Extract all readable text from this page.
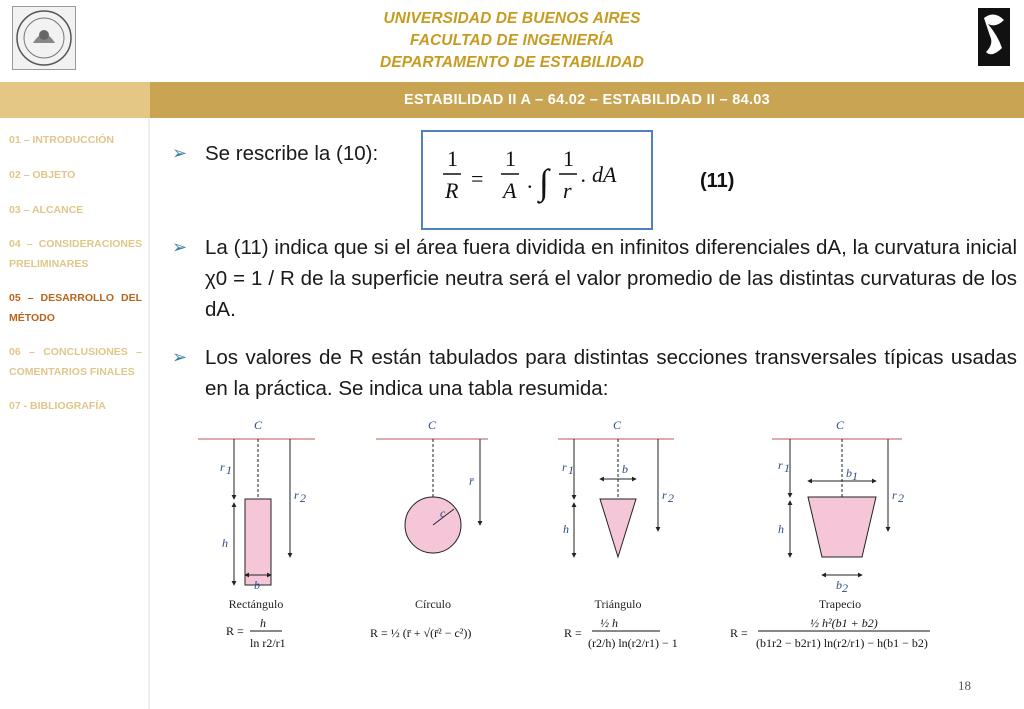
UNIVERSIDAD DE BUENOS AIRES
FACULTAD DE INGENIERÍA
DEPARTAMENTO DE ESTABILIDAD
ESTABILIDAD II A – 64.02 – ESTABILIDAD II – 84.03
01 – INTRODUCCIÓN
02 – OBJETO
03 – ALCANCE
04 – CONSIDERACIONES PRELIMINARES
05 – DESARROLLO DEL MÉTODO
06 – CONCLUSIONES – COMENTARIOS FINALES
07 - BIBLIOGRAFÍA
➢ Se rescribe la (10):	1
R =
1
A . ∫
1
r
. dA	(11)
➢ La (11) indica que si el área fuera dividida en infinitos diferenciales dA, la curvatura inicial χ0 = 1 / R de la superficie neutra será el valor promedio de las distintas curvaturas de los dA.
➢ Los valores de R están tabulados para distintas secciones transversales típicas usadas en la práctica. Se indica una tabla resumida:
C
r 1
r 2
h
b
Rectángulo
R =
h
ln r2/r1
C
c
r̄
Círculo
R = ½ (r̄ + √(r̄² − c²))
C
r 1
r 2
h
b
Triángulo
R =
½ h
(r2/h) ln(r2/r1) − 1
C
r 1
r 2
h
b 1
b 2
Trapecio
R =
½ h²(b1 + b2)
(b1r2 − b2r1) ln(r2/r1) − h(b1 − b2)
18
